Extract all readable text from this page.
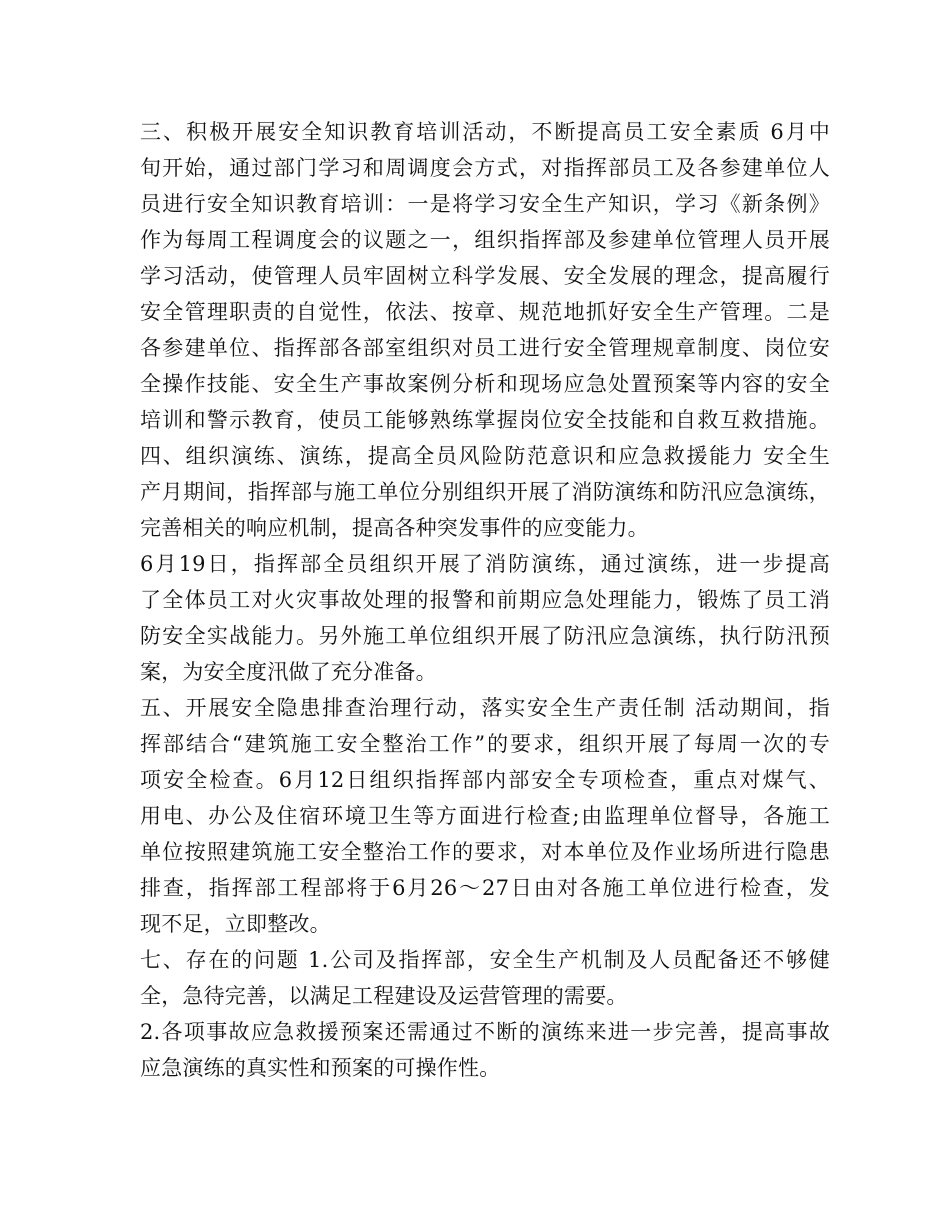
三、积极开展安全知识教育培训活动，不断提高员工安全素质 6月中
旬开始，通过部门学习和周调度会方式，对指挥部员工及各参建单位人
员进行安全知识教育培训：一是将学习安全生产知识，学习《新条例》
作为每周工程调度会的议题之一，组织指挥部及参建单位管理人员开展
学习活动，使管理人员牢固树立科学发展、安全发展的理念，提高履行
安全管理职责的自觉性，依法、按章、规范地抓好安全生产管理。二是
各参建单位、指挥部各部室组织对员工进行安全管理规章制度、岗位安
全操作技能、安全生产事故案例分析和现场应急处置预案等内容的安全
培训和警示教育，使员工能够熟练掌握岗位安全技能和自救互救措施。
四、组织演练、演练，提高全员风险防范意识和应急救援能力 安全生
产月期间，指挥部与施工单位分别组织开展了消防演练和防汛应急演练，
完善相关的响应机制，提高各种突发事件的应变能力。
6月19日，指挥部全员组织开展了消防演练，通过演练，进一步提高
了全体员工对火灾事故处理的报警和前期应急处理能力，锻炼了员工消
防安全实战能力。另外施工单位组织开展了防汛应急演练，执行防汛预
案，为安全度汛做了充分准备。
五、开展安全隐患排查治理行动，落实安全生产责任制 活动期间，指
挥部结合“建筑施工安全整治工作”的要求，组织开展了每周一次的专
项安全检查。6月12日组织指挥部内部安全专项检查，重点对煤气、
用电、办公及住宿环境卫生等方面进行检查;由监理单位督导，各施工
单位按照建筑施工安全整治工作的要求，对本单位及作业场所进行隐患
排查，指挥部工程部将于6月26～27日由对各施工单位进行检查，发
现不足，立即整改。
七、存在的问题 1.公司及指挥部，安全生产机制及人员配备还不够健
全，急待完善，以满足工程建设及运营管理的需要。
2.各项事故应急救援预案还需通过不断的演练来进一步完善，提高事故
应急演练的真实性和预案的可操作性。
